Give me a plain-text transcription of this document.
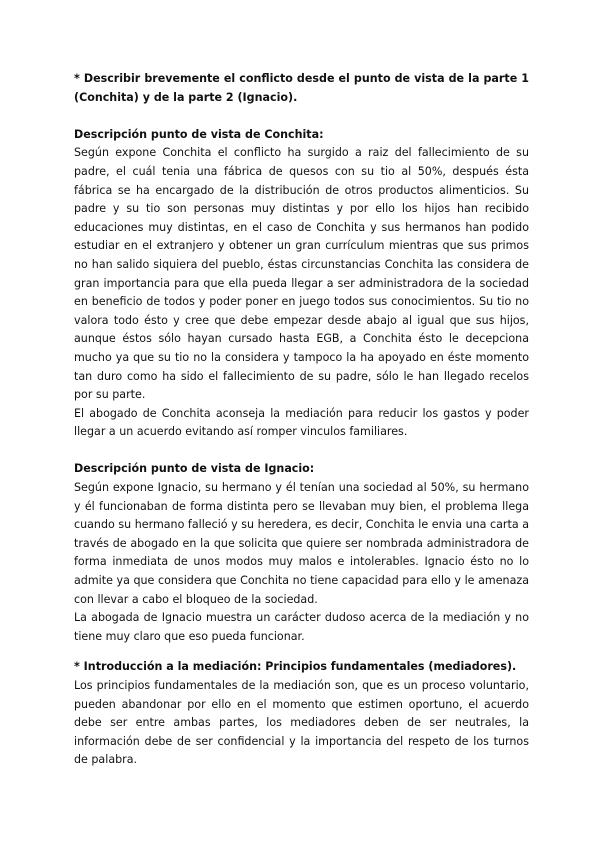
* Describir brevemente el conflicto desde el punto de vista de la parte 1 (Conchita) y de la parte 2 (Ignacio).

Descripción punto de vista de Conchita:

Según expone Conchita el conflicto ha surgido a raiz del fallecimiento de su padre, el cuál tenia una fábrica de quesos con su tio al 50%, después ésta fábrica se ha encargado de la distribución de otros productos alimenticios. Su padre y su tio son personas muy distintas y por ello los hijos han recibido educaciones muy distintas, en el caso de Conchita y sus hermanos han podido estudiar en el extranjero y obtener un gran currículum mientras que sus primos no han salido siquiera del pueblo, éstas circunstancias Conchita las considera de gran importancia para que ella pueda llegar a ser administradora de la sociedad en beneficio de todos y poder poner en juego todos sus conocimientos. Su tio no valora todo ésto y cree que debe empezar desde abajo al igual que sus hijos, aunque éstos sólo hayan cursado hasta EGB, a Conchita ésto le decepciona mucho ya que su tio no la considera y tampoco la ha apoyado en éste momento tan duro como ha sido el fallecimiento de su padre, sólo le han llegado recelos por su parte.

El abogado de Conchita aconseja la mediación para reducir los gastos y poder llegar a un acuerdo evitando así romper vinculos familiares.

Descripción punto de vista de Ignacio:

Según expone Ignacio, su hermano y él tenían una sociedad al 50%, su hermano y él funcionaban de forma distinta pero se llevaban muy bien, el problema llega cuando su hermano falleció y su heredera, es decir, Conchita le envia una carta a través de abogado en la que solicita que quiere ser nombrada administradora de forma inmediata de unos modos muy malos e intolerables. Ignacio ésto no lo admite ya que considera que Conchita no tiene capacidad para ello y le amenaza con llevar a cabo el bloqueo de la sociedad.

La abogada de Ignacio muestra un carácter dudoso acerca de la mediación y no tiene muy claro que eso pueda funcionar.

* Introducción a la mediación: Principios fundamentales (mediadores).

Los principios fundamentales de la mediación son, que es un proceso voluntario, pueden abandonar por ello en el momento que estimen oportuno, el acuerdo debe ser entre ambas partes, los mediadores deben de ser neutrales, la información debe de ser confidencial y la importancia del respeto de los turnos de palabra.
